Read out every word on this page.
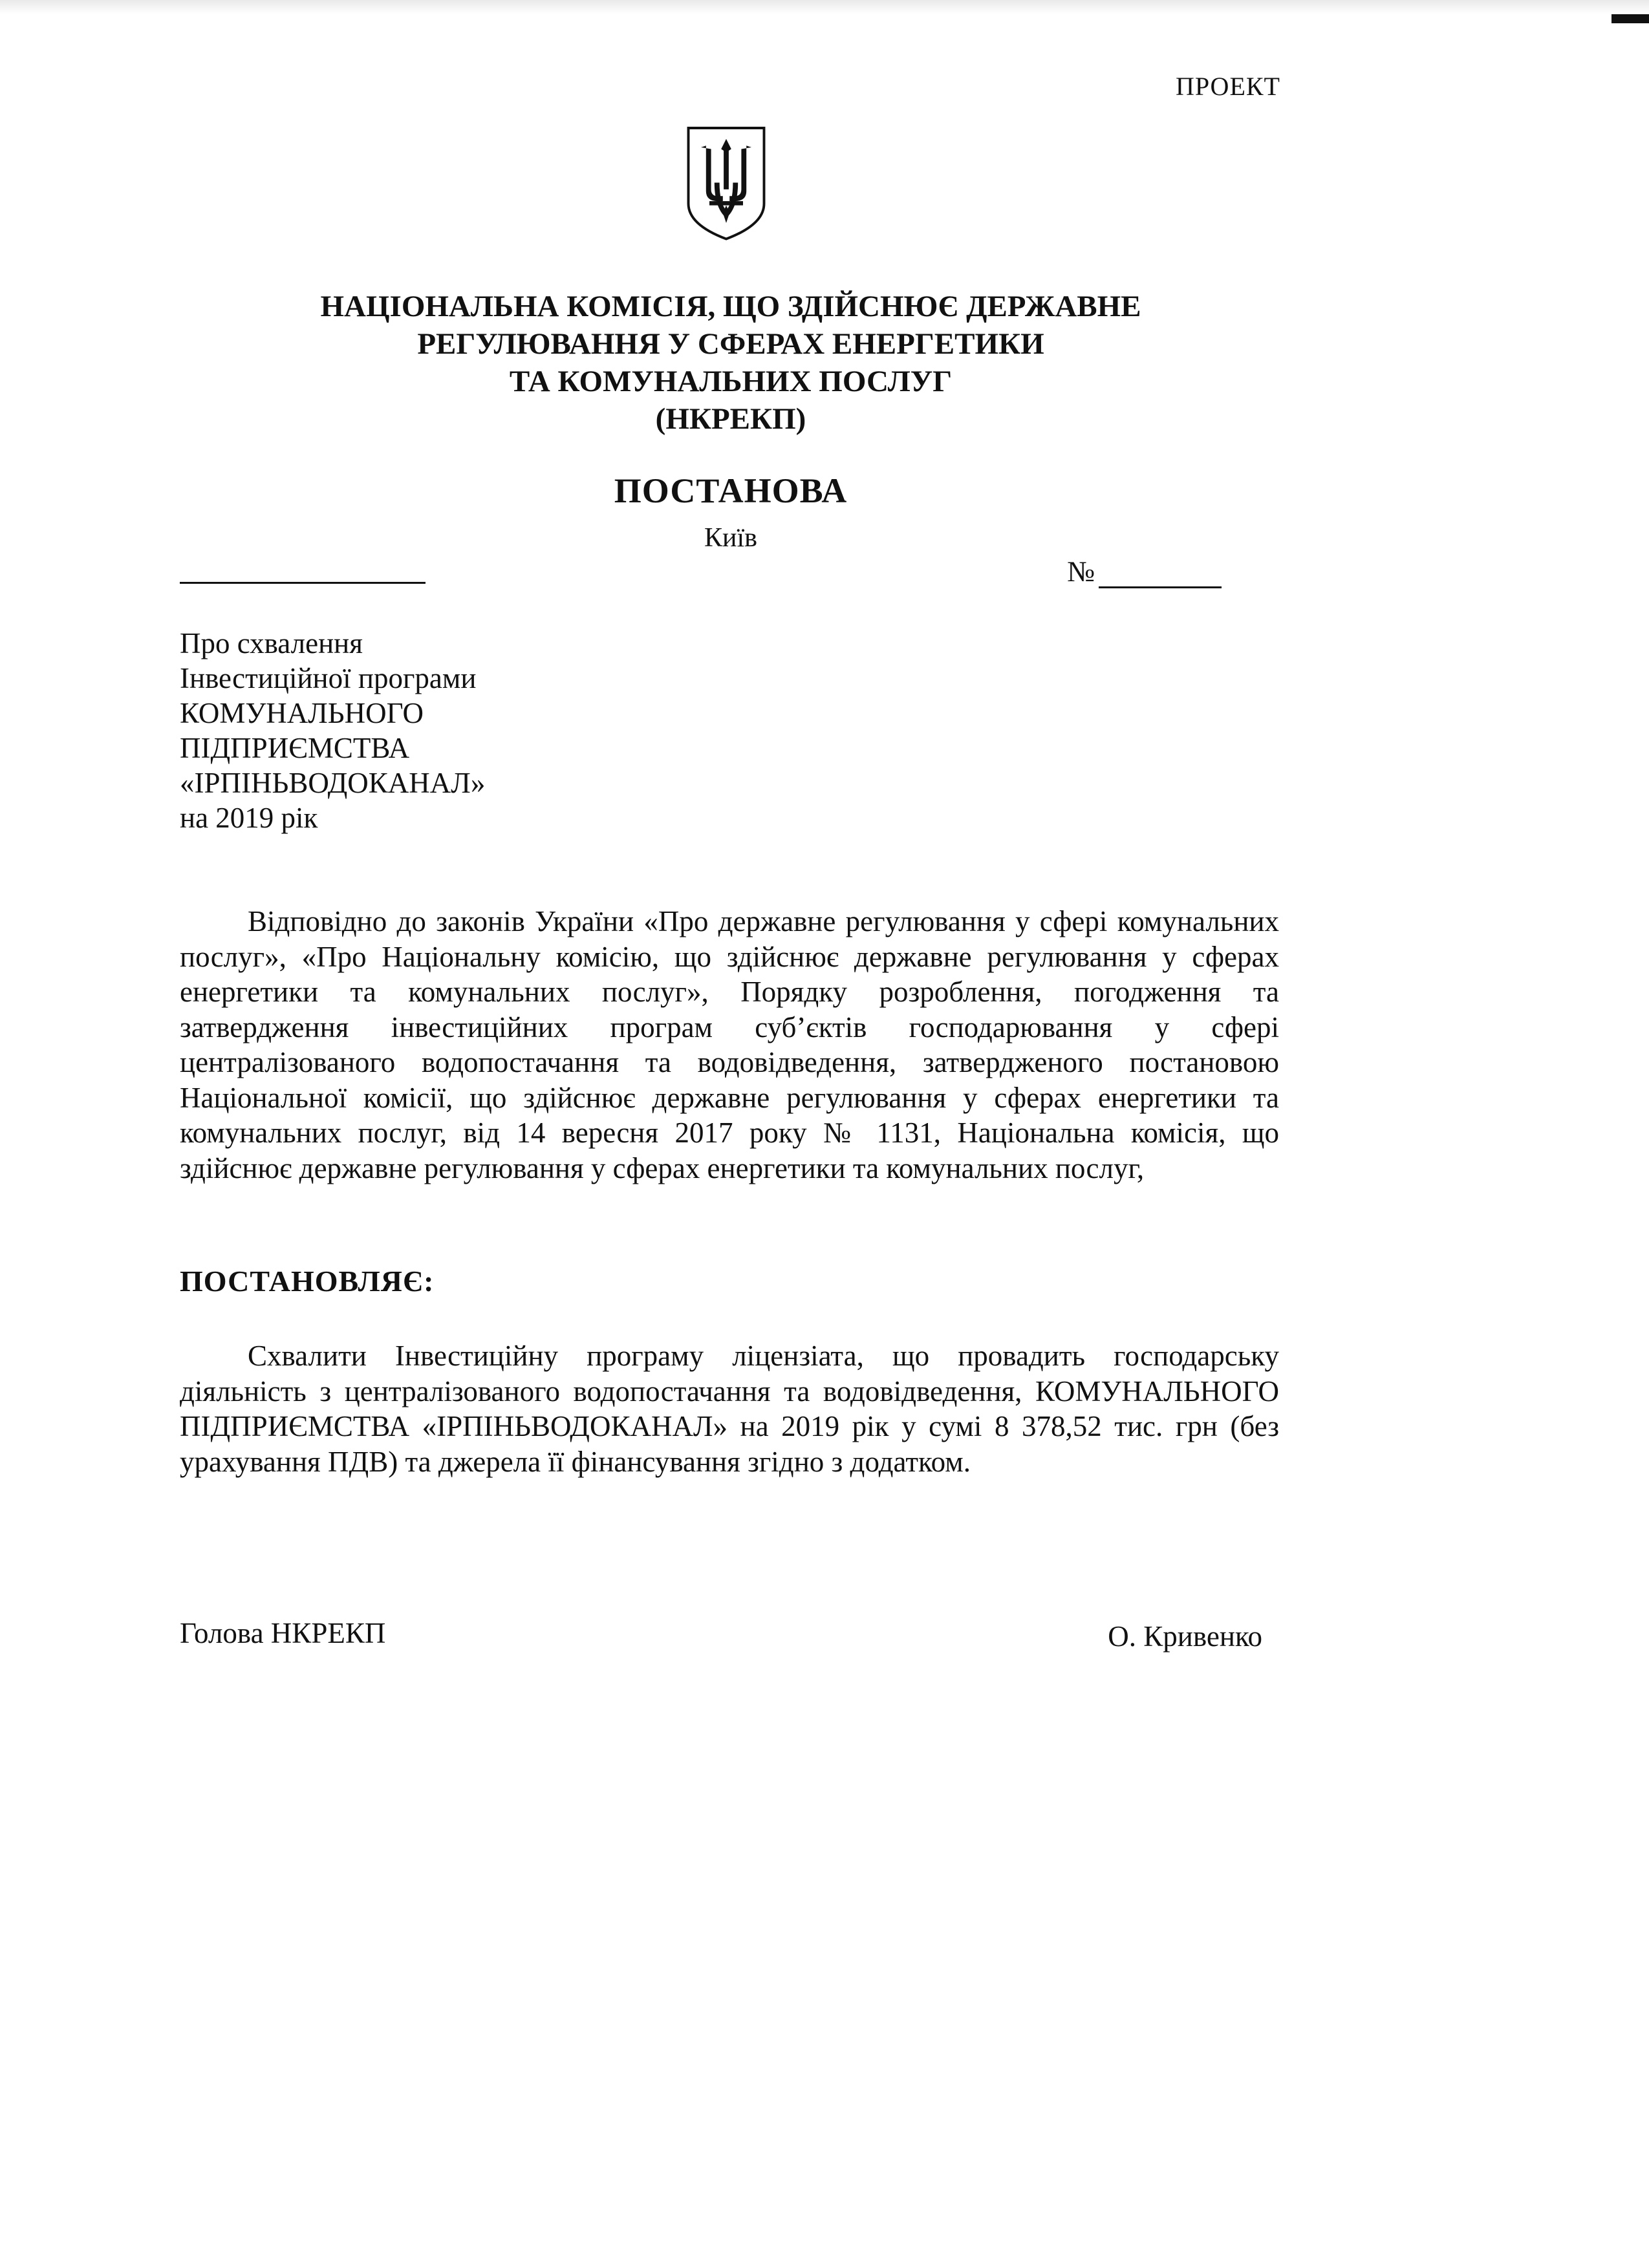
ПРОЕКТ
НАЦІОНАЛЬНА КОМІСІЯ, ЩО ЗДІЙСНЮЄ ДЕРЖАВНЕ
РЕГУЛЮВАННЯ У СФЕРАХ ЕНЕРГЕТИКИ
ТА КОМУНАЛЬНИХ ПОСЛУГ
(НКРЕКП)
ПОСТАНОВА
Київ
№
Про схвалення
Інвестиційної програми
КОМУНАЛЬНОГО
ПІДПРИЄМСТВА
«ІРПІНЬВОДОКАНАЛ»
на 2019 рік
Відповідно до законів України «Про державне регулювання у сфері комунальних послуг», «Про Національну комісію, що здійснює державне регулювання у сферах енергетики та комунальних послуг», Порядку розроблення, погодження та затвердження інвестиційних програм суб’єктів господарювання у сфері централізованого водопостачання та водовідведення, затвердженого постановою Національної комісії, що здійснює державне регулювання у сферах енергетики та комунальних послуг, від 14 вересня 2017 року № 1131, Національна комісія, що здійснює державне регулювання у сферах енергетики та комунальних послуг,
ПОСТАНОВЛЯЄ:
Схвалити Інвестиційну програму ліцензіата, що провадить господарську діяльність з централізованого водопостачання та водовідведення, КОМУНАЛЬНОГО ПІДПРИЄМСТВА «ІРПІНЬВОДОКАНАЛ» на 2019 рік у сумі 8 378,52 тис. грн (без урахування ПДВ) та джерела її фінансування згідно з додатком.
Голова НКРЕКП	О. Кривенко
